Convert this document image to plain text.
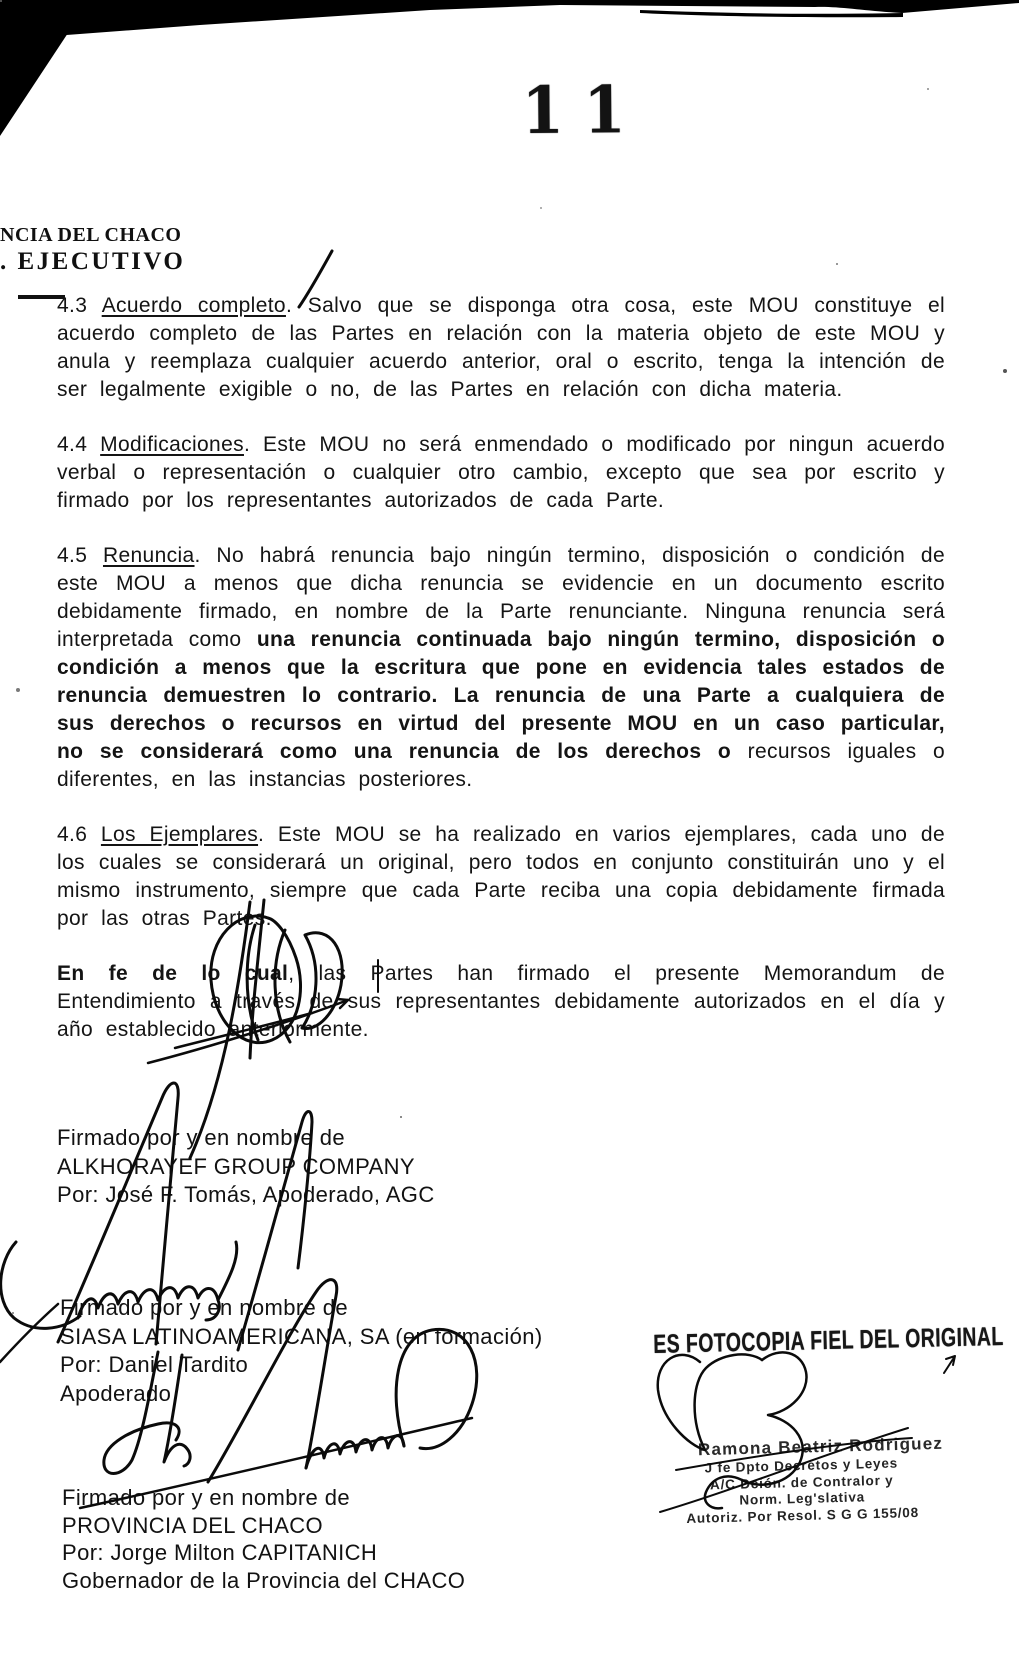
11
NCIA DEL CHACO
. EJECUTIVO

4.3 Acuerdo completo. Salvo que se disponga otra cosa, este MOU constituye el acuerdo completo de las Partes en relación con la materia objeto de este MOU y anula y reemplaza cualquier acuerdo anterior, oral o escrito, tenga la intención de ser legalmente exigible o no, de las Partes en relación con dicha materia.

4.4 Modificaciones. Este MOU no será enmendado o modificado por ningun acuerdo verbal o representación o cualquier otro cambio, excepto que sea por escrito y firmado por los representantes autorizados de cada Parte.

4.5 Renuncia. No habrá renuncia bajo ningún termino, disposición o condición de este MOU a menos que dicha renuncia se evidencie en un documento escrito debidamente firmado, en nombre de la Parte renunciante. Ninguna renuncia será interpretada como una renuncia continuada bajo ningún termino, disposición o condición a menos que la escritura que pone en evidencia tales estados de renuncia demuestren lo contrario. La renuncia de una Parte a cualquiera de sus derechos o recursos en virtud del presente MOU en un caso particular, no se considerará como una renuncia de los derechos o recursos iguales o diferentes, en las instancias posteriores.

4.6 Los Ejemplares. Este MOU se ha realizado en varios ejemplares, cada uno de los cuales se considerará un original, pero todos en conjunto constituirán uno y el mismo instrumento, siempre que cada Parte reciba una copia debidamente firmada por las otras Partes.

En fe de lo cual, las Partes han firmado el presente Memorandum de Entendimiento a través de sus representantes debidamente autorizados en el día y año establecido anteriormente.

Firmado por y en nombre de
ALKHORAYEF GROUP COMPANY
Por: José F. Tomás, Apoderado, AGC
Firmado por y en nombre de
SIASA LATINOAMERICANA, SA (en formación)
Por: Daniel Tardito
Apoderado
Firmado por y en nombre de
PROVINCIA DEL CHACO
Por: Jorge Milton CAPITANICH
Gobernador de la Provincia del CHACO
ES FOTOCOPIA FIEL DEL ORIGINAL
Ramona Beatriz Rodriguez
J fe Dpto Decretos y Leyes
A/C Dción. de Contralor y
Norm. Leg'slativa
Autoriz. Por Resol. S G G 155/08
